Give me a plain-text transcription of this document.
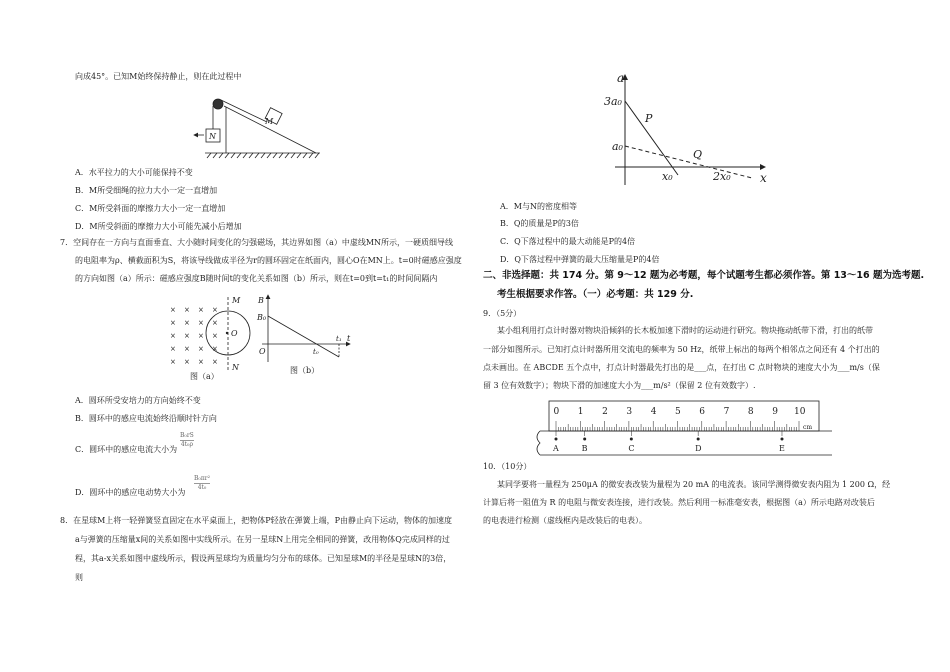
向成45°。已知M始终保持静止，则在此过程中
A．水平拉力的大小可能保持不变
B．M所受细绳的拉力大小一定一直增加
C．M所受斜面的摩擦力大小一定一直增加
D．M所受斜面的摩擦力大小可能先减小后增加
7．空间存在一方向与直面垂直、大小随时间变化的匀强磁场，其边界如图（a）中虚线MN所示，一硬质细导线
的电阻率为ρ、横截面积为S，将该导线做成半径为r的圆环固定在纸面内，圆心O在MN上。t=0时磁感应强度
的方向如图（a）所示：磁感应强度B随时间t的变化关系如图（b）所示，则在t=0到t=t₁的时间间隔内
图（a）
图（b）
A．圆环所受安培力的方向始终不变
B．圆环中的感应电流始终沿顺时针方向
C．圆环中的感应电流大小为
$\frac{\text{B₀rS}}{\text{4t₀ρ}}$
D．圆环中的感应电动势大小为
$\frac{\text{B₀πr²}}{\text{4t₀}}$
8．在星球M上将一轻弹簧竖直固定在水平桌面上，把物体P轻放在弹簧上端，P由静止向下运动，物体的加速度
a与弹簧的压缩量x间的关系如图中实线所示。在另一星球N上用完全相同的弹簧，改用物体Q完成同样的过
程，其a-x关系如图中虚线所示，假设两星球均为质量均匀分布的球体。已知星球M的半径是星球N的3倍，
则
A．M与N的密度相等
B．Q的质量是P的3倍
C．Q下落过程中的最大动能是P的4倍
D．Q下落过程中弹簧的最大压缩量是P的4倍
二、非选择题：共 174 分。第 9～12 题为必考题，每个试题考生都必须作答。第 13～16 题为选考题.
考生根据要求作答。（一）必考题：共 129 分.
9．（5分）
某小组利用打点计时器对物块沿倾斜的长木板加速下滑时的运动进行研究。物块拖动纸带下滑，打出的纸带
一部分如图所示。已知打点计时器所用交流电的频率为 50 Hz，纸带上标出的每两个相邻点之间还有 4 个打出的
点未画出。在 ABCDE 五个点中，打点计时器最先打出的是___点，在打出 C 点时物块的速度大小为___m/s（保
留 3 位有效数字）；物块下滑的加速度大小为___m/s²（保留 2 位有效数字）.
10．（10分）
某同学要将一量程为 250μA 的微安表改装为量程为 20 mA 的电流表。该同学测得微安表内阻为 1 200 Ω，经
计算后将一阻值为 R 的电阻与微安表连接，进行改装。然后利用一标准毫安表，根据图（a）所示电路对改装后
的电表进行检测（虚线框内是改装后的电表）。
N
M
× × × ×
× × × ×
× × × ×
× × × ×
× × × ×
M
N
O
B
B₀
O	t₀
t₁ t
a
3a₀
a₀
P
Q
x₀	2x₀ x
0 1 2 3 4 5 6 7 8 9 10
A	B	C	D	E
cm
